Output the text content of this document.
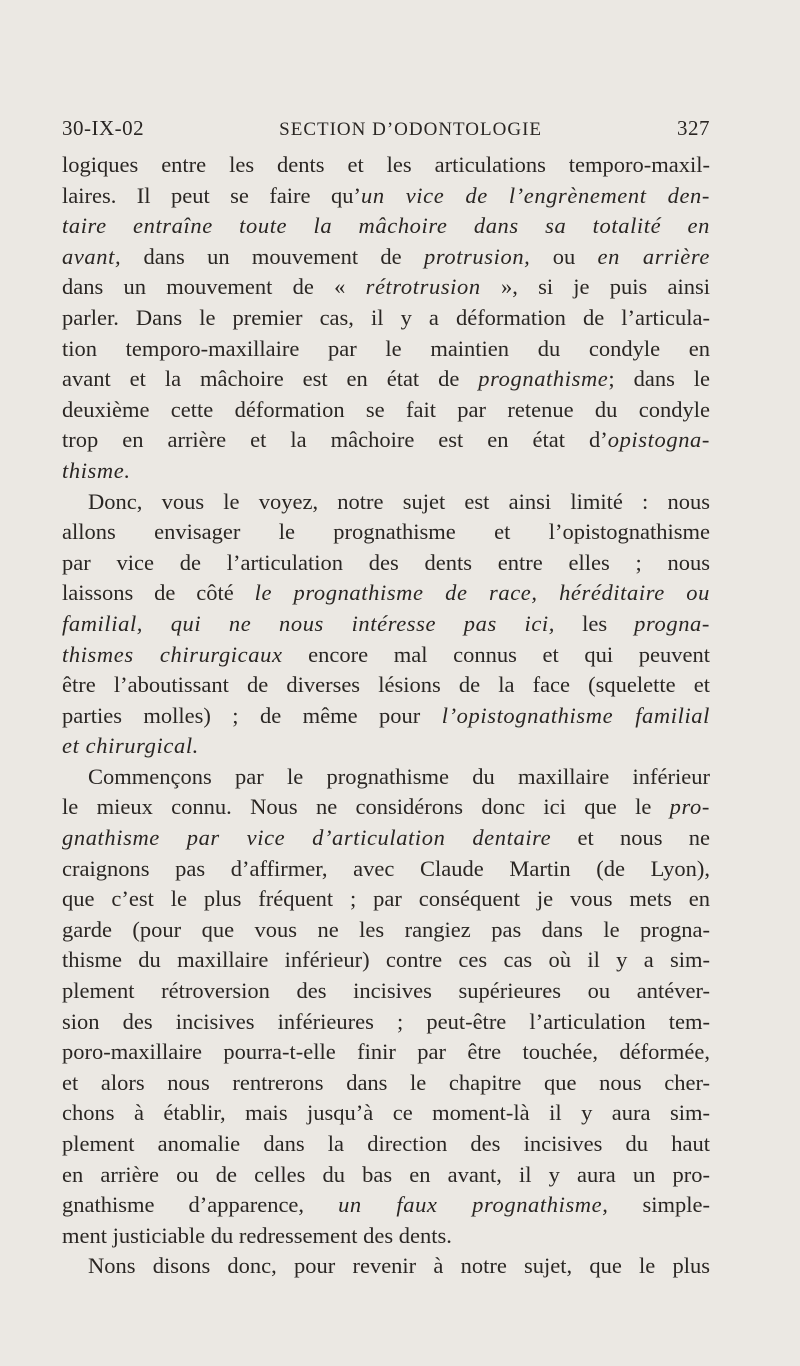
30-IX-02	SECTION D’ODONTOLOGIE	327
logiques entre les dents et les articulations temporo-maxil-
laires. Il peut se faire qu’un vice de l’engrènement den-
taire entraîne toute la mâchoire dans sa totalité en
avant, dans un mouvement de protrusion, ou en arrière
dans un mouvement de « rétrotrusion », si je puis ainsi
parler. Dans le premier cas, il y a déformation de l’articula-
tion temporo-maxillaire par le maintien du condyle en
avant et la mâchoire est en état de prognathisme; dans le
deuxième cette déformation se fait par retenue du condyle
trop en arrière et la mâchoire est en état d’opistogna-
thisme.
Donc, vous le voyez, notre sujet est ainsi limité : nous
allons envisager le prognathisme et l’opistognathisme
par vice de l’articulation des dents entre elles ; nous
laissons de côté le prognathisme de race, héréditaire ou
familial, qui ne nous intéresse pas ici, les progna-
thismes chirurgicaux encore mal connus et qui peuvent
être l’aboutissant de diverses lésions de la face (squelette et
parties molles) ; de même pour l’opistognathisme familial
et chirurgical.
Commençons par le prognathisme du maxillaire inférieur
le mieux connu. Nous ne considérons donc ici que le pro-
gnathisme par vice d’articulation dentaire et nous ne
craignons pas d’affirmer, avec Claude Martin (de Lyon),
que c’est le plus fréquent ; par conséquent je vous mets en
garde (pour que vous ne les rangiez pas dans le progna-
thisme du maxillaire inférieur) contre ces cas où il y a sim-
plement rétroversion des incisives supérieures ou antéver-
sion des incisives inférieures ; peut-être l’articulation tem-
poro-maxillaire pourra-t-elle finir par être touchée, déformée,
et alors nous rentrerons dans le chapitre que nous cher-
chons à établir, mais jusqu’à ce moment-là il y aura sim-
plement anomalie dans la direction des incisives du haut
en arrière ou de celles du bas en avant, il y aura un pro-
gnathisme d’apparence, un faux prognathisme, simple-
ment justiciable du redressement des dents.
Nons disons donc, pour revenir à notre sujet, que le plus
